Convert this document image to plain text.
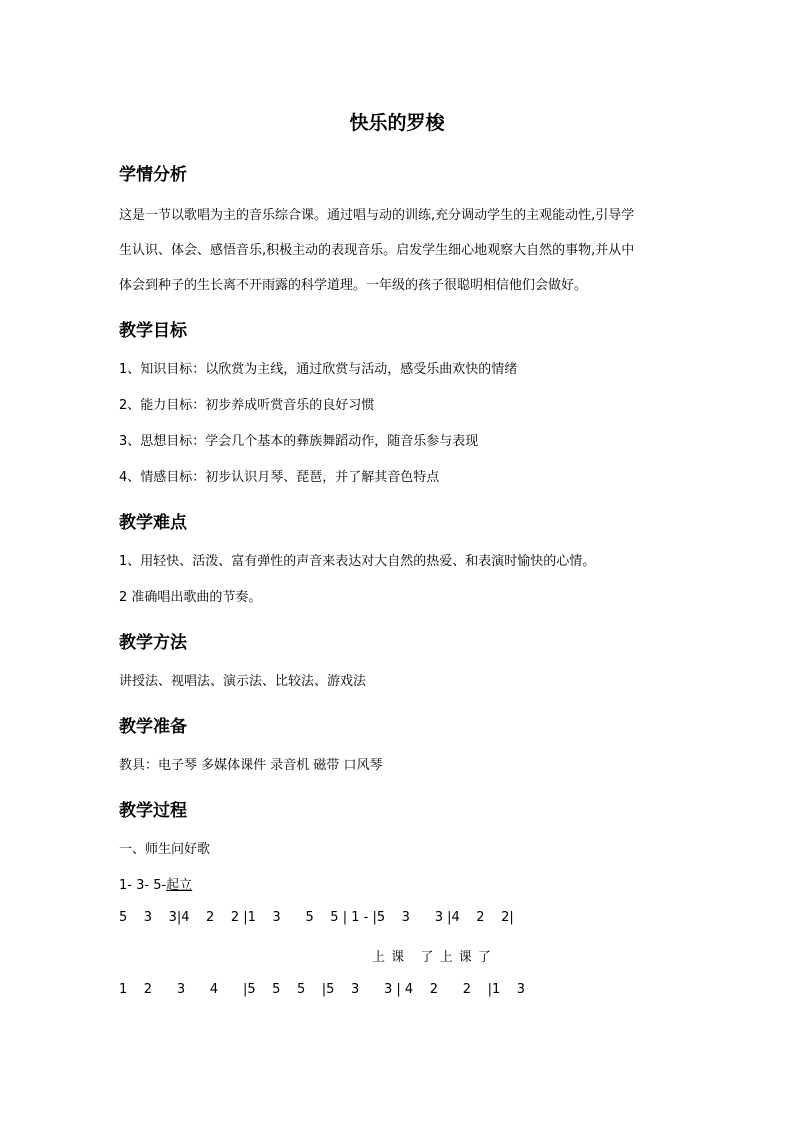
快乐的罗梭
学情分析
这是一节以歌唱为主的音乐综合课。通过唱与动的训练,充分调动学生的主观能动性,引导学
生认识、体会、感悟音乐,积极主动的表现音乐。启发学生细心地观察大自然的事物,并从中
体会到种子的生长离不开雨露的科学道理。一年级的孩子很聪明相信他们会做好。
教学目标
1、知识目标：以欣赏为主线，通过欣赏与活动，感受乐曲欢快的情绪
2、能力目标：初步养成听赏音乐的良好习惯
3、思想目标：学会几个基本的彝族舞蹈动作，随音乐参与表现
4、情感目标：初步认识月琴、琵琶，并了解其音色特点
教学难点
1、用轻快、活泼、富有弹性的声音来表达对大自然的热爱、和表演时愉快的心情。
2 准确唱出歌曲的节奏。
教学方法
讲授法、视唱法、演示法、比较法、游戏法
教学准备
教具：电子琴 多媒体课件 录音机 磁带 口风琴
教学过程
一、师生问好歌
1- 3- 5-起立
5    3    3|4    2    2 |1    3      5    5 | 1 - |5    3      3 |4    2    2|
上 课   了 上 课 了
1    2      3      4      |5    5    5    |5    3      3 | 4    2      2    |1    3
